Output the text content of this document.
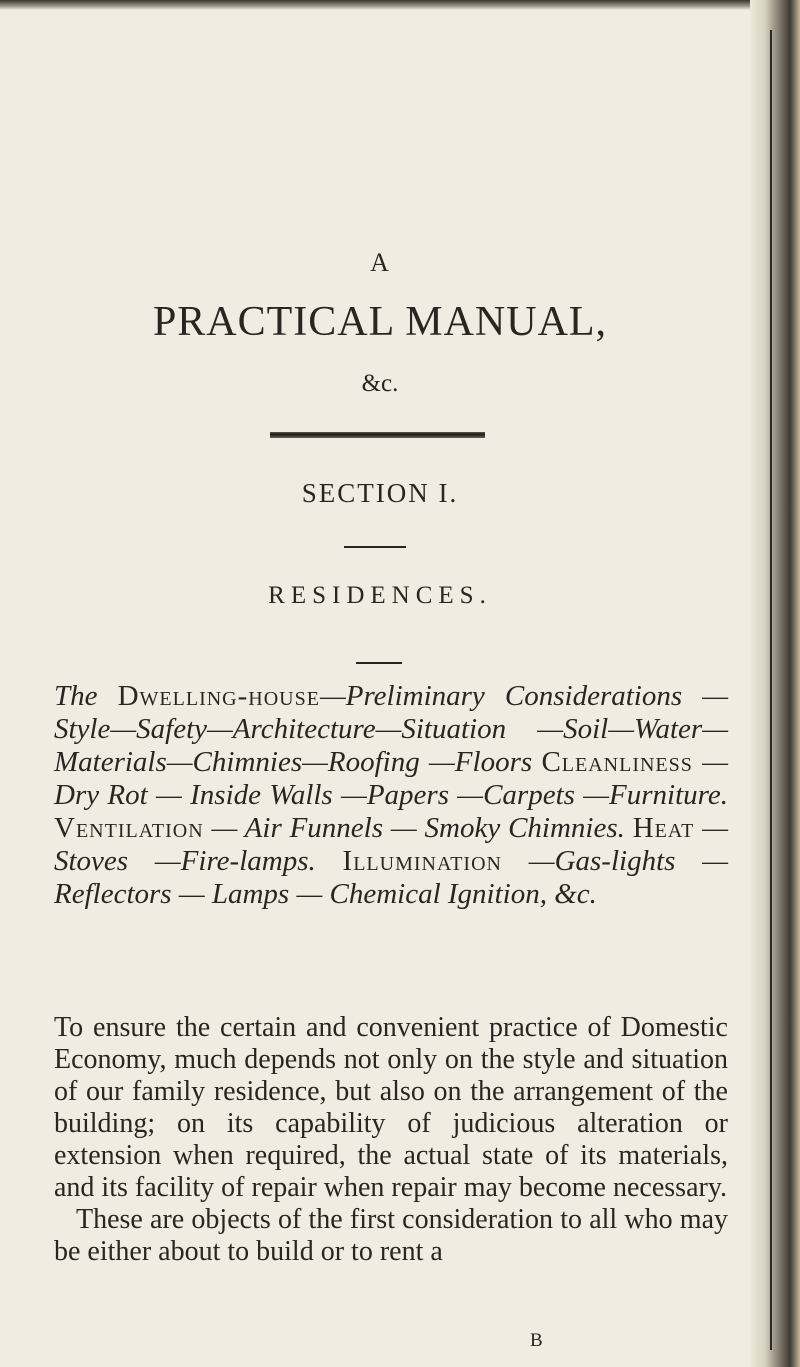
A
PRACTICAL MANUAL,
&c.
SECTION I.
RESIDENCES.
The Dwelling-house—Preliminary Considerations —Style—Safety—Architecture—Situation —Soil—Water—Materials—Chimnies—Roofing —Floors Cleanliness — Dry Rot — Inside Walls —Papers —Carpets —Furniture. Ventilation — Air Funnels — Smoky Chimnies. Heat — Stoves —Fire-lamps. Illumination —Gas-lights — Reflectors — Lamps — Chemical Ignition, &c.

To ensure the certain and convenient practice of Domestic Economy, much depends not only on the style and situation of our family residence, but also on the arrangement of the building; on its capability of judicious alteration or extension when required, the actual state of its materials, and its facility of repair when repair may become necessary.

These are objects of the first consideration to all who may be either about to build or to rent a

B
